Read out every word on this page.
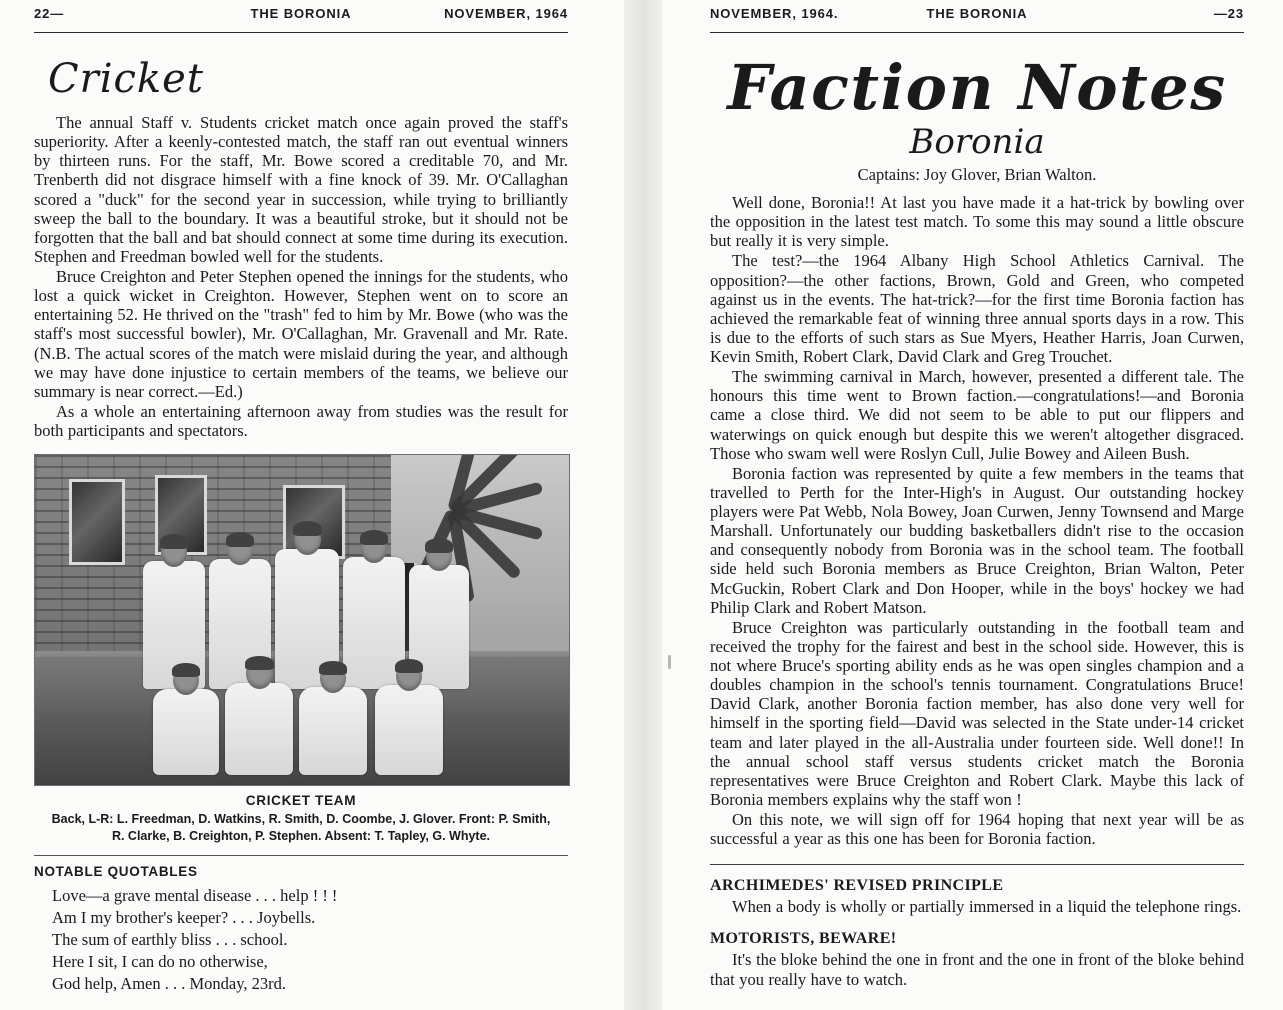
22—	THE BORONIA	NOVEMBER, 1964
Cricket

The annual Staff v. Students cricket match once again proved the staff's superiority. After a keenly-contested match, the staff ran out eventual winners by thirteen runs. For the staff, Mr. Bowe scored a creditable 70, and Mr. Trenberth did not disgrace himself with a fine knock of 39. Mr. O'Callaghan scored a "duck" for the second year in succession, while trying to brilliantly sweep the ball to the boundary. It was a beautiful stroke, but it should not be forgotten that the ball and bat should connect at some time during its execution. Stephen and Freedman bowled well for the students.

Bruce Creighton and Peter Stephen opened the innings for the students, who lost a quick wicket in Creighton. However, Stephen went on to score an entertaining 52. He thrived on the "trash" fed to him by Mr. Bowe (who was the staff's most successful bowler), Mr. O'Callaghan, Mr. Gravenall and Mr. Rate. (N.B. The actual scores of the match were mislaid during the year, and although we may have done injustice to certain members of the teams, we believe our summary is near correct.—Ed.)

As a whole an entertaining afternoon away from studies was the result for both participants and spectators.

CRICKET TEAM
Back, L-R: L. Freedman, D. Watkins, R. Smith, D. Coombe, J. Glover. Front: P. Smith,
R. Clarke, B. Creighton, P. Stephen. Absent: T. Tapley, G. Whyte.
NOTABLE QUOTABLES
Love—a grave mental disease . . . help ! ! !
Am I my brother's keeper? . . . Joybells.
The sum of earthly bliss . . . school.
Here I sit, I can do no otherwise,
God help, Amen . . . Monday, 23rd.
NOVEMBER, 1964.	THE BORONIA	—23
Faction Notes
Boronia
Captains: Joy Glover, Brian Walton.

Well done, Boronia!! At last you have made it a hat-trick by bowling over the opposition in the latest test match. To some this may sound a little obscure but really it is very simple.

The test?—the 1964 Albany High School Athletics Carnival. The opposition?—the other factions, Brown, Gold and Green, who competed against us in the events. The hat-trick?—for the first time Boronia faction has achieved the remarkable feat of winning three annual sports days in a row. This is due to the efforts of such stars as Sue Myers, Heather Harris, Joan Curwen, Kevin Smith, Robert Clark, David Clark and Greg Trouchet.

The swimming carnival in March, however, presented a different tale. The honours this time went to Brown faction.—congratulations!—and Boronia came a close third. We did not seem to be able to put our flippers and waterwings on quick enough but despite this we weren't altogether disgraced. Those who swam well were Roslyn Cull, Julie Bowey and Aileen Bush.

Boronia faction was represented by quite a few members in the teams that travelled to Perth for the Inter-High's in August. Our outstanding hockey players were Pat Webb, Nola Bowey, Joan Curwen, Jenny Townsend and Marge Marshall. Unfortunately our budding basketballers didn't rise to the occasion and consequently nobody from Boronia was in the school team. The football side held such Boronia members as Bruce Creighton, Brian Walton, Peter McGuckin, Robert Clark and Don Hooper, while in the boys' hockey we had Philip Clark and Robert Matson.

Bruce Creighton was particularly outstanding in the football team and received the trophy for the fairest and best in the school side. However, this is not where Bruce's sporting ability ends as he was open singles champion and a doubles champion in the school's tennis tournament. Congratulations Bruce! David Clark, another Boronia faction member, has also done very well for himself in the sporting field—David was selected in the State under-14 cricket team and later played in the all-Australia under fourteen side. Well done!! In the annual school staff versus students cricket match the Boronia representatives were Bruce Creighton and Robert Clark. Maybe this lack of Boronia members explains why the staff won !

On this note, we will sign off for 1964 hoping that next year will be as successful a year as this one has been for Boronia faction.

ARCHIMEDES' REVISED PRINCIPLE

When a body is wholly or partially immersed in a liquid the telephone rings.

MOTORISTS, BEWARE!

It's the bloke behind the one in front and the one in front of the bloke behind that you really have to watch.
